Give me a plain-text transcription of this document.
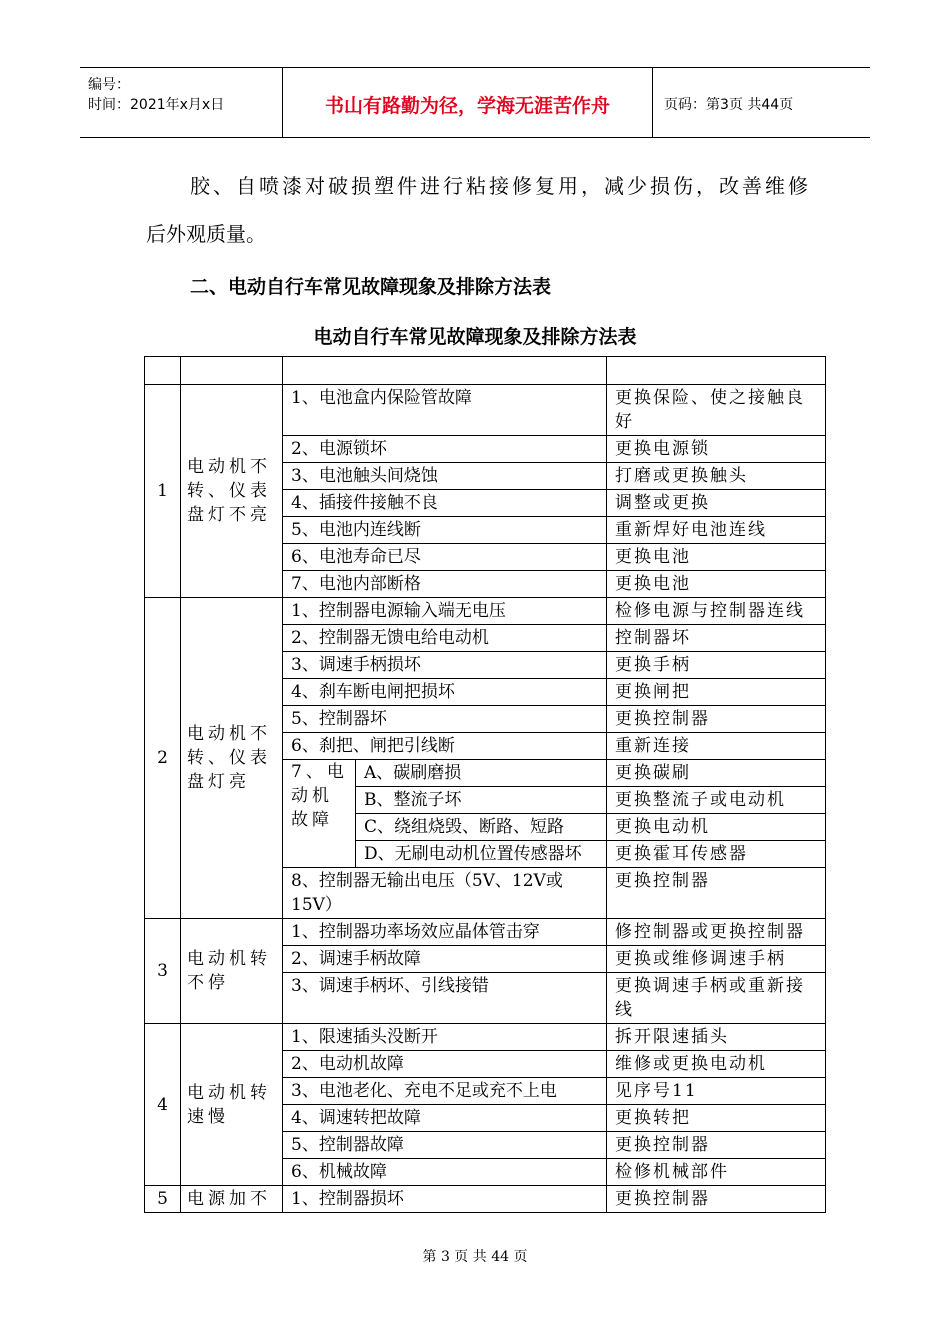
编号：
时间：2021年x月x日	书山有路勤为径，学海无涯苦作舟	页码：第3页 共44页
胶、自喷漆对破损塑件进行粘接修复用，减少损伤，改善维修
后外观质量。
二、电动自行车常见故障现象及排除方法表
电动自行车常见故障现象及排除方法表

1	电动机不转、仪表盘灯不亮	1、电池盒内保险管故障		更换保险、使之接触良好
		2、电源锁坏		更换电源锁
		3、电池触头间烧蚀		打磨或更换触头
		4、插接件接触不良		调整或更换
		5、电池内连线断		重新焊好电池连线
		6、电池寿命已尽		更换电池
		7、电池内部断格		更换电池
2	电动机不转、仪表盘灯亮	1、控制器电源输入端无电压		检修电源与控制器连线
		2、控制器无馈电给电动机		控制器坏
		3、调速手柄损坏		更换手柄
		4、刹车断电闸把损坏		更换闸把
		5、控制器坏		更换控制器
		6、刹把、闸把引线断		重新连接
		7、电动机故障	A、碳刷磨损	更换碳刷
			B、整流子坏	更换整流子或电动机
			C、绕组烧毁、断路、短路	更换电动机
			D、无刷电动机位置传感器坏	更换霍耳传感器
		8、控制器无输出电压（5V、12V或15V）		更换控制器
3	电动机转不停	1、控制器功率场效应晶体管击穿		修控制器或更换控制器
		2、调速手柄故障		更换或维修调速手柄
		3、调速手柄坏、引线接错		更换调速手柄或重新接线
4	电动机转速慢	1、限速插头没断开		拆开限速插头
		2、电动机故障		维修或更换电动机
		3、电池老化、充电不足或充不上电		见序号11
		4、调速转把故障		更换转把
		5、控制器故障		更换控制器
		6、机械故障		检修机械部件
5	电源加不	1、控制器损坏		更换控制器
第 3 页 共 44 页
